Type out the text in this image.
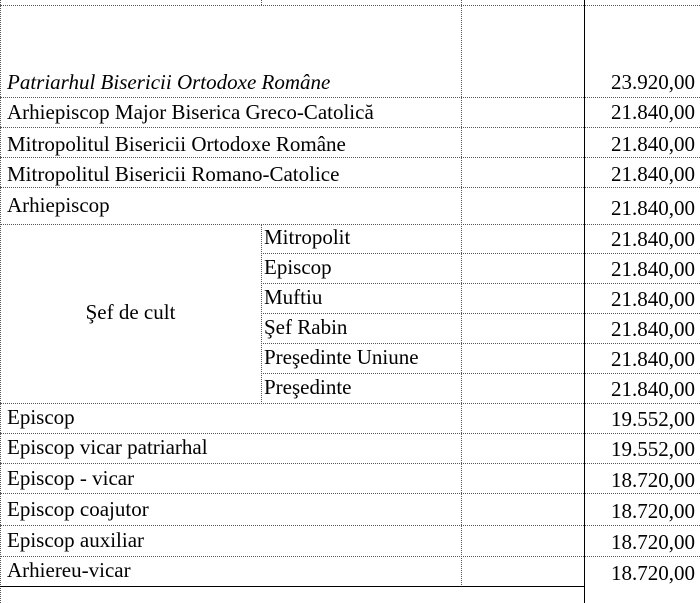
Patriarhul Bisericii Ortodoxe Române	23.920,00
Arhiepiscop Major Biserica Greco-Catolică	21.840,00
Mitropolitul Bisericii Ortodoxe Române	21.840,00
Mitropolitul Bisericii Romano-Catolice	21.840,00
Arhiepiscop	21.840,00
Şef de cult
Mitropolit	21.840,00
Episcop	21.840,00
Muftiu	21.840,00
Şef Rabin	21.840,00
Preşedinte Uniune	21.840,00
Preşedinte	21.840,00
Episcop	19.552,00
Episcop vicar patriarhal	19.552,00
Episcop - vicar	18.720,00
Episcop coajutor	18.720,00
Episcop auxiliar	18.720,00
Arhiereu-vicar	18.720,00
